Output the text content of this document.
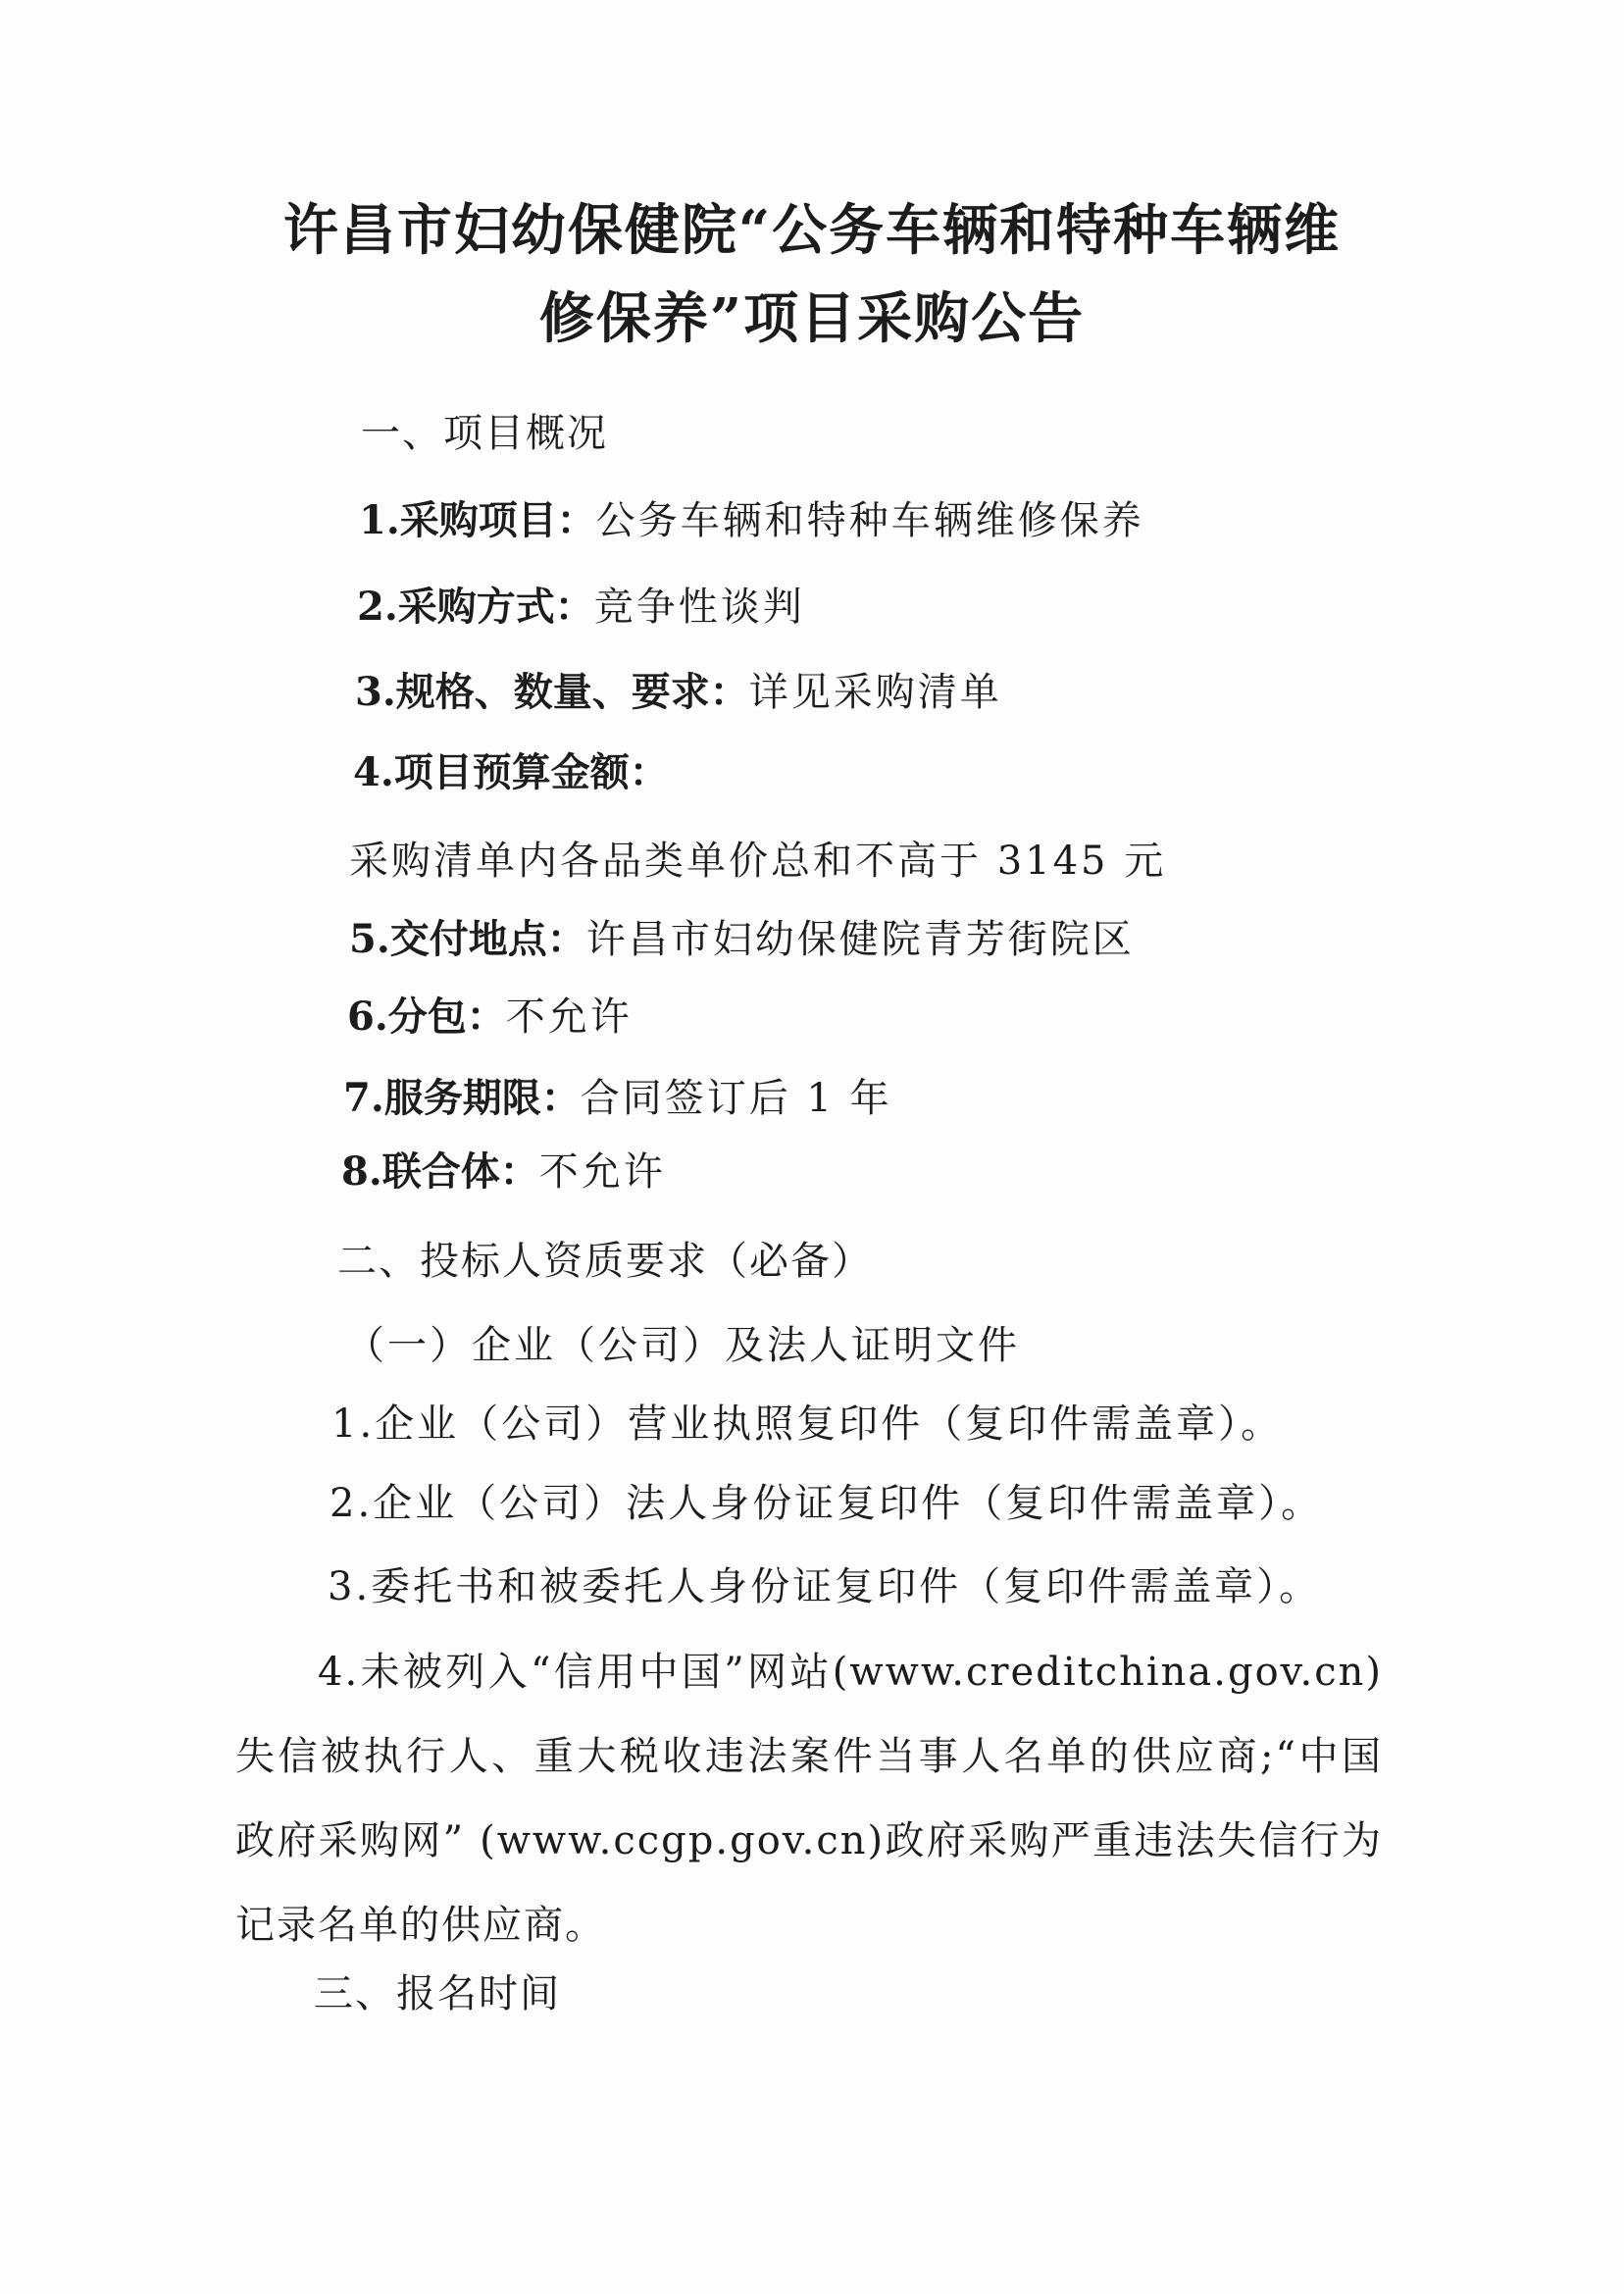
许昌市妇幼保健院“公务车辆和特种车辆维
修保养”项目采购公告

一、项目概况

1.采购项目：公务车辆和特种车辆维修保养

2.采购方式：竞争性谈判

3.规格、数量、要求：详见采购清单

4.项目预算金额：

采购清单内各品类单价总和不高于 3145 元

5.交付地点：许昌市妇幼保健院青芳街院区

6.分包：不允许

7.服务期限：合同签订后 1 年

8.联合体：不允许

二、投标人资质要求（必备）

（一）企业（公司）及法人证明文件

1.企业（公司）营业执照复印件（复印件需盖章）。

2.企业（公司）法人身份证复印件（复印件需盖章）。

3.委托书和被委托人身份证复印件（复印件需盖章）。

4.未被列入“信用中国”网站(www.creditchina.gov.cn)失信被执行人、重大税收违法案件当事人名单的供应商;“中国政府采购网” (www.ccgp.gov.cn)政府采购严重违法失信行为记录名单的供应商。

三、报名时间
